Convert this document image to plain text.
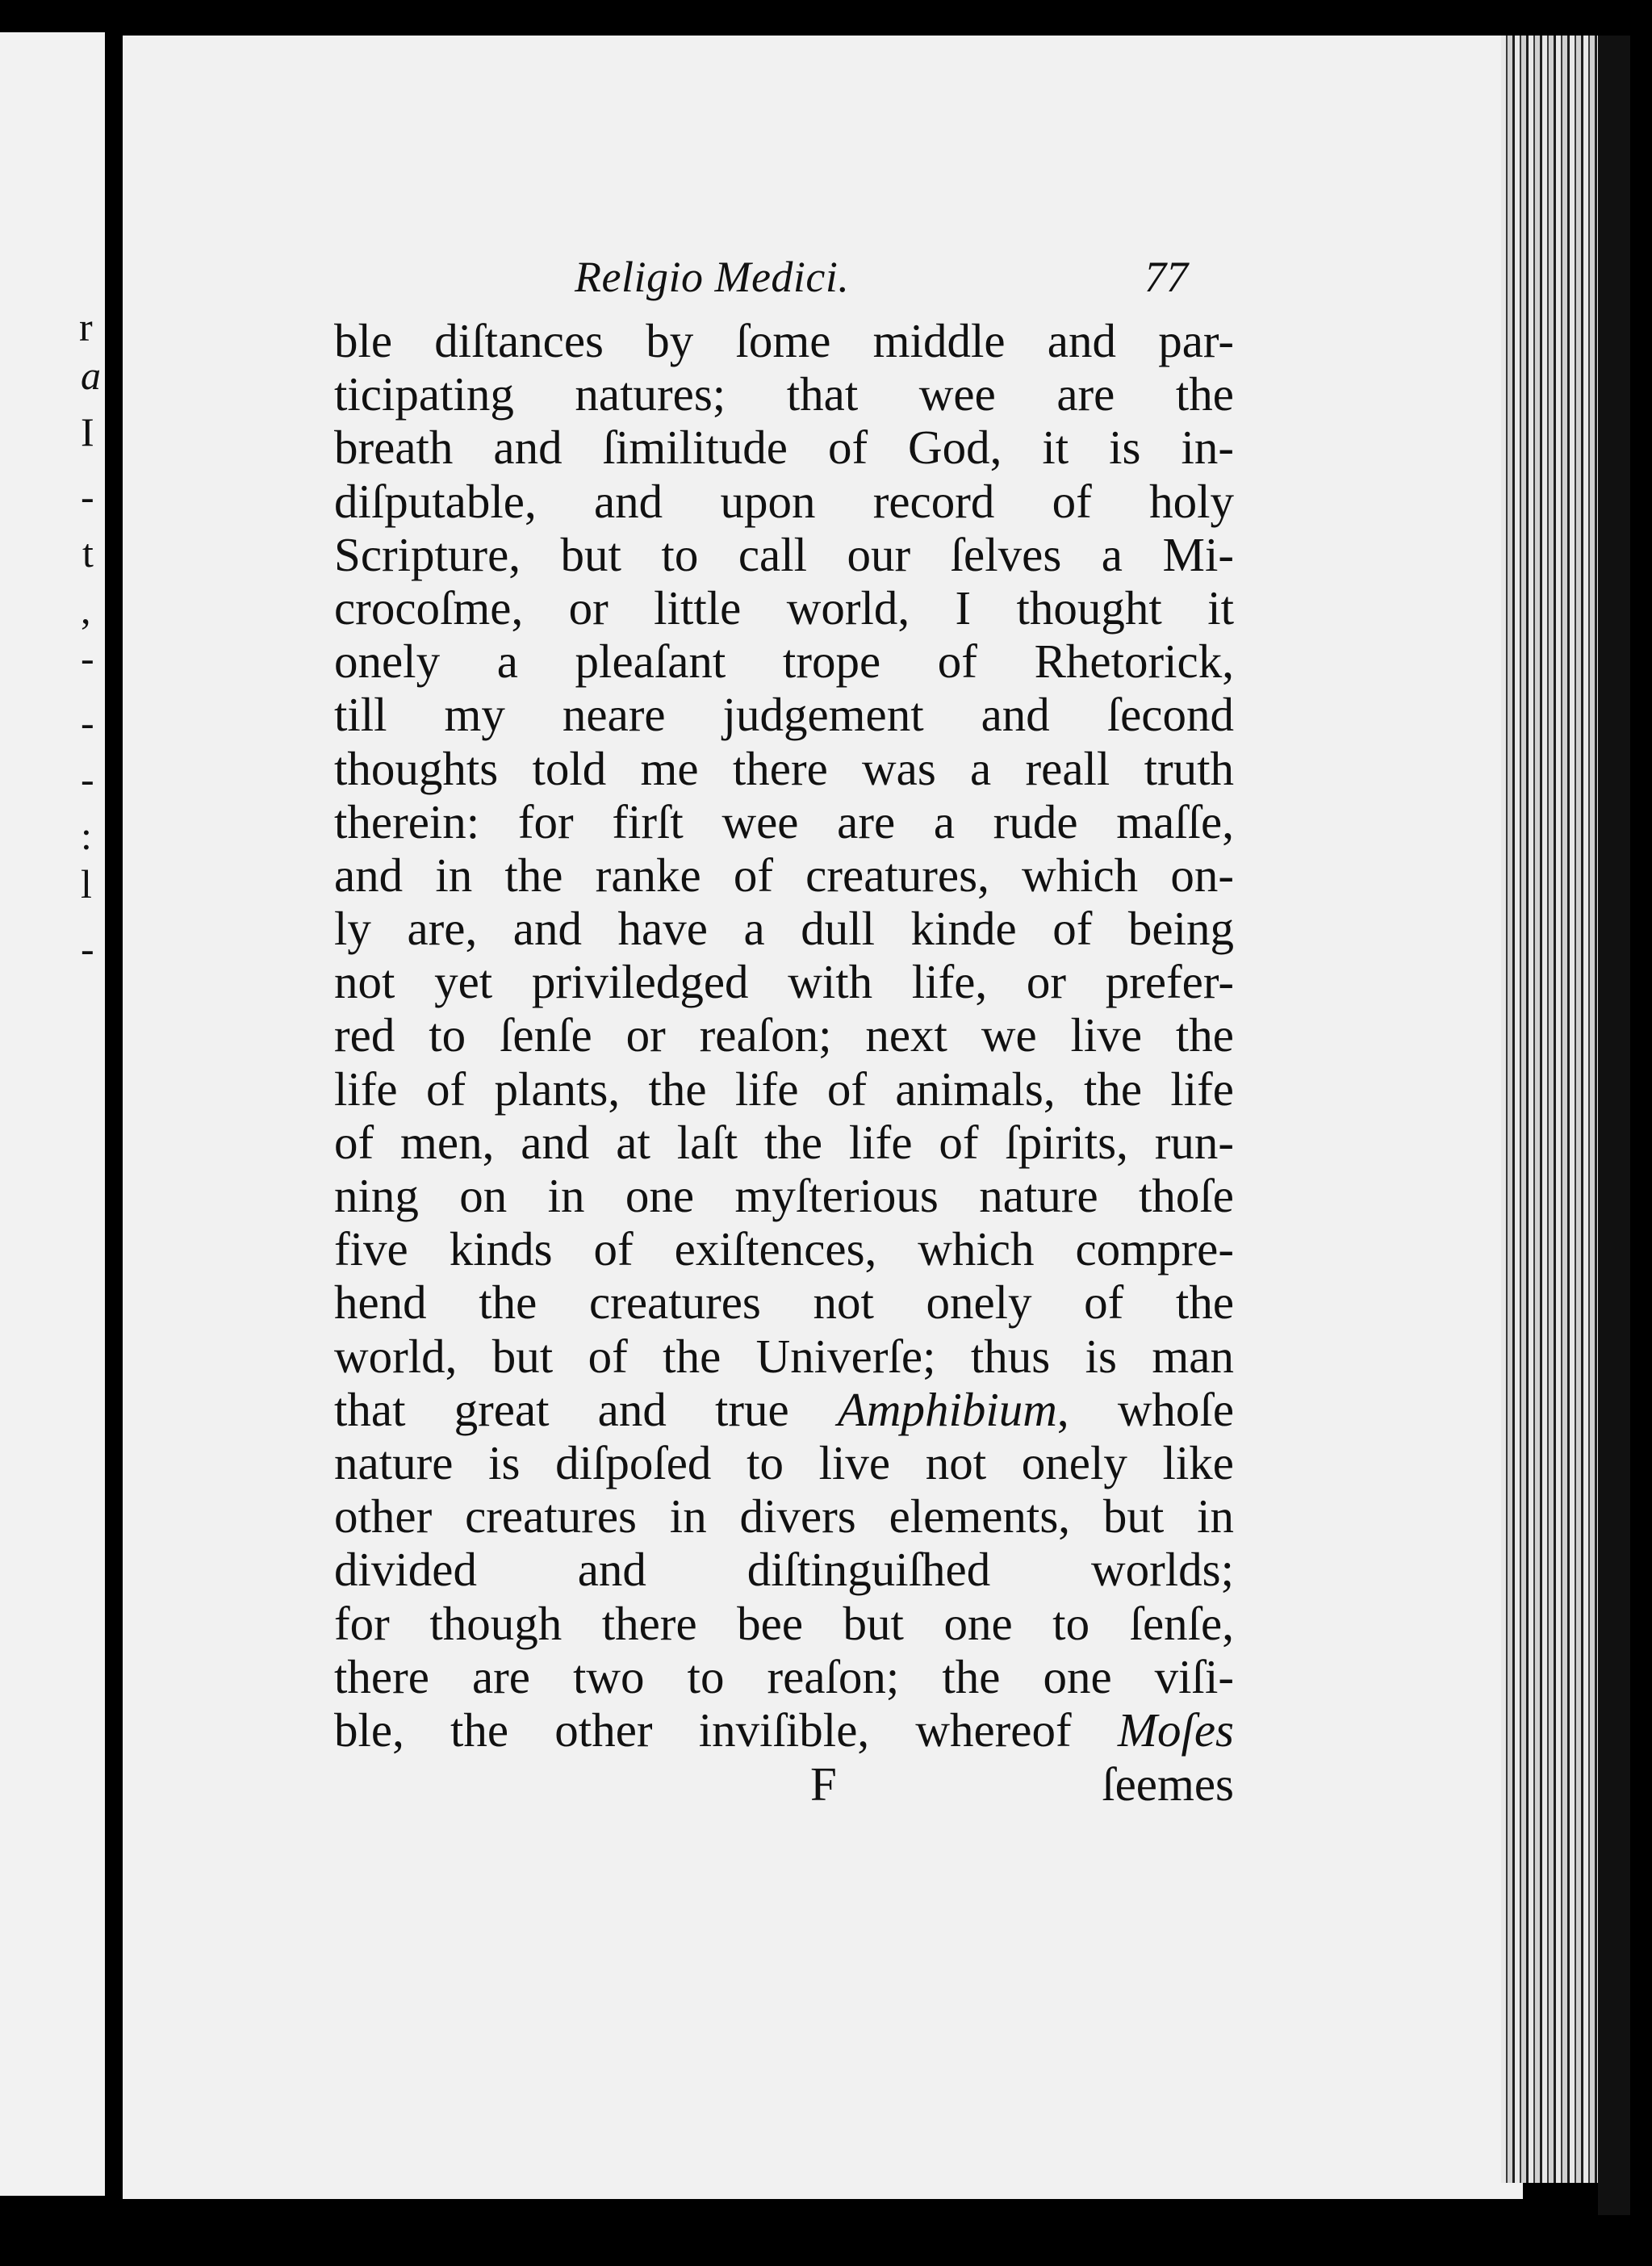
r
a
I
-
t
,
-
-
-
:
l
-
Religio Medici.	77
ble diſtances by ſome middle and par-
ticipating natures; that wee are the
breath and ſimilitude of God, it is in-
diſputable, and upon record of holy
Scripture, but to call our ſelves a Mi-
crocoſme, or little world, I thought it
onely a pleaſant trope of Rhetorick,
till my neare judgement and ſecond
thoughts told me there was a reall truth
therein: for firſt wee are a rude maſſe,
and in the ranke of creatures, which on-
ly are, and have a dull kinde of being
not yet priviledged with life, or prefer-
red to ſenſe or reaſon; next we live the
life of plants, the life of animals, the life
of men, and at laſt the life of ſpirits, run-
ning on in one myſterious nature thoſe
five kinds of exiſtences, which compre-
hend the creatures not onely of the
world, but of the Univerſe; thus is man
that great and true Amphibium, whoſe
nature is diſpoſed to live not onely like
other creatures in divers elements, but in
divided and diſtinguiſhed worlds;
for though there bee but one to ſenſe,
there are two to reaſon; the one viſi-
ble, the other inviſible, whereof Moſes
F	ſeemes
